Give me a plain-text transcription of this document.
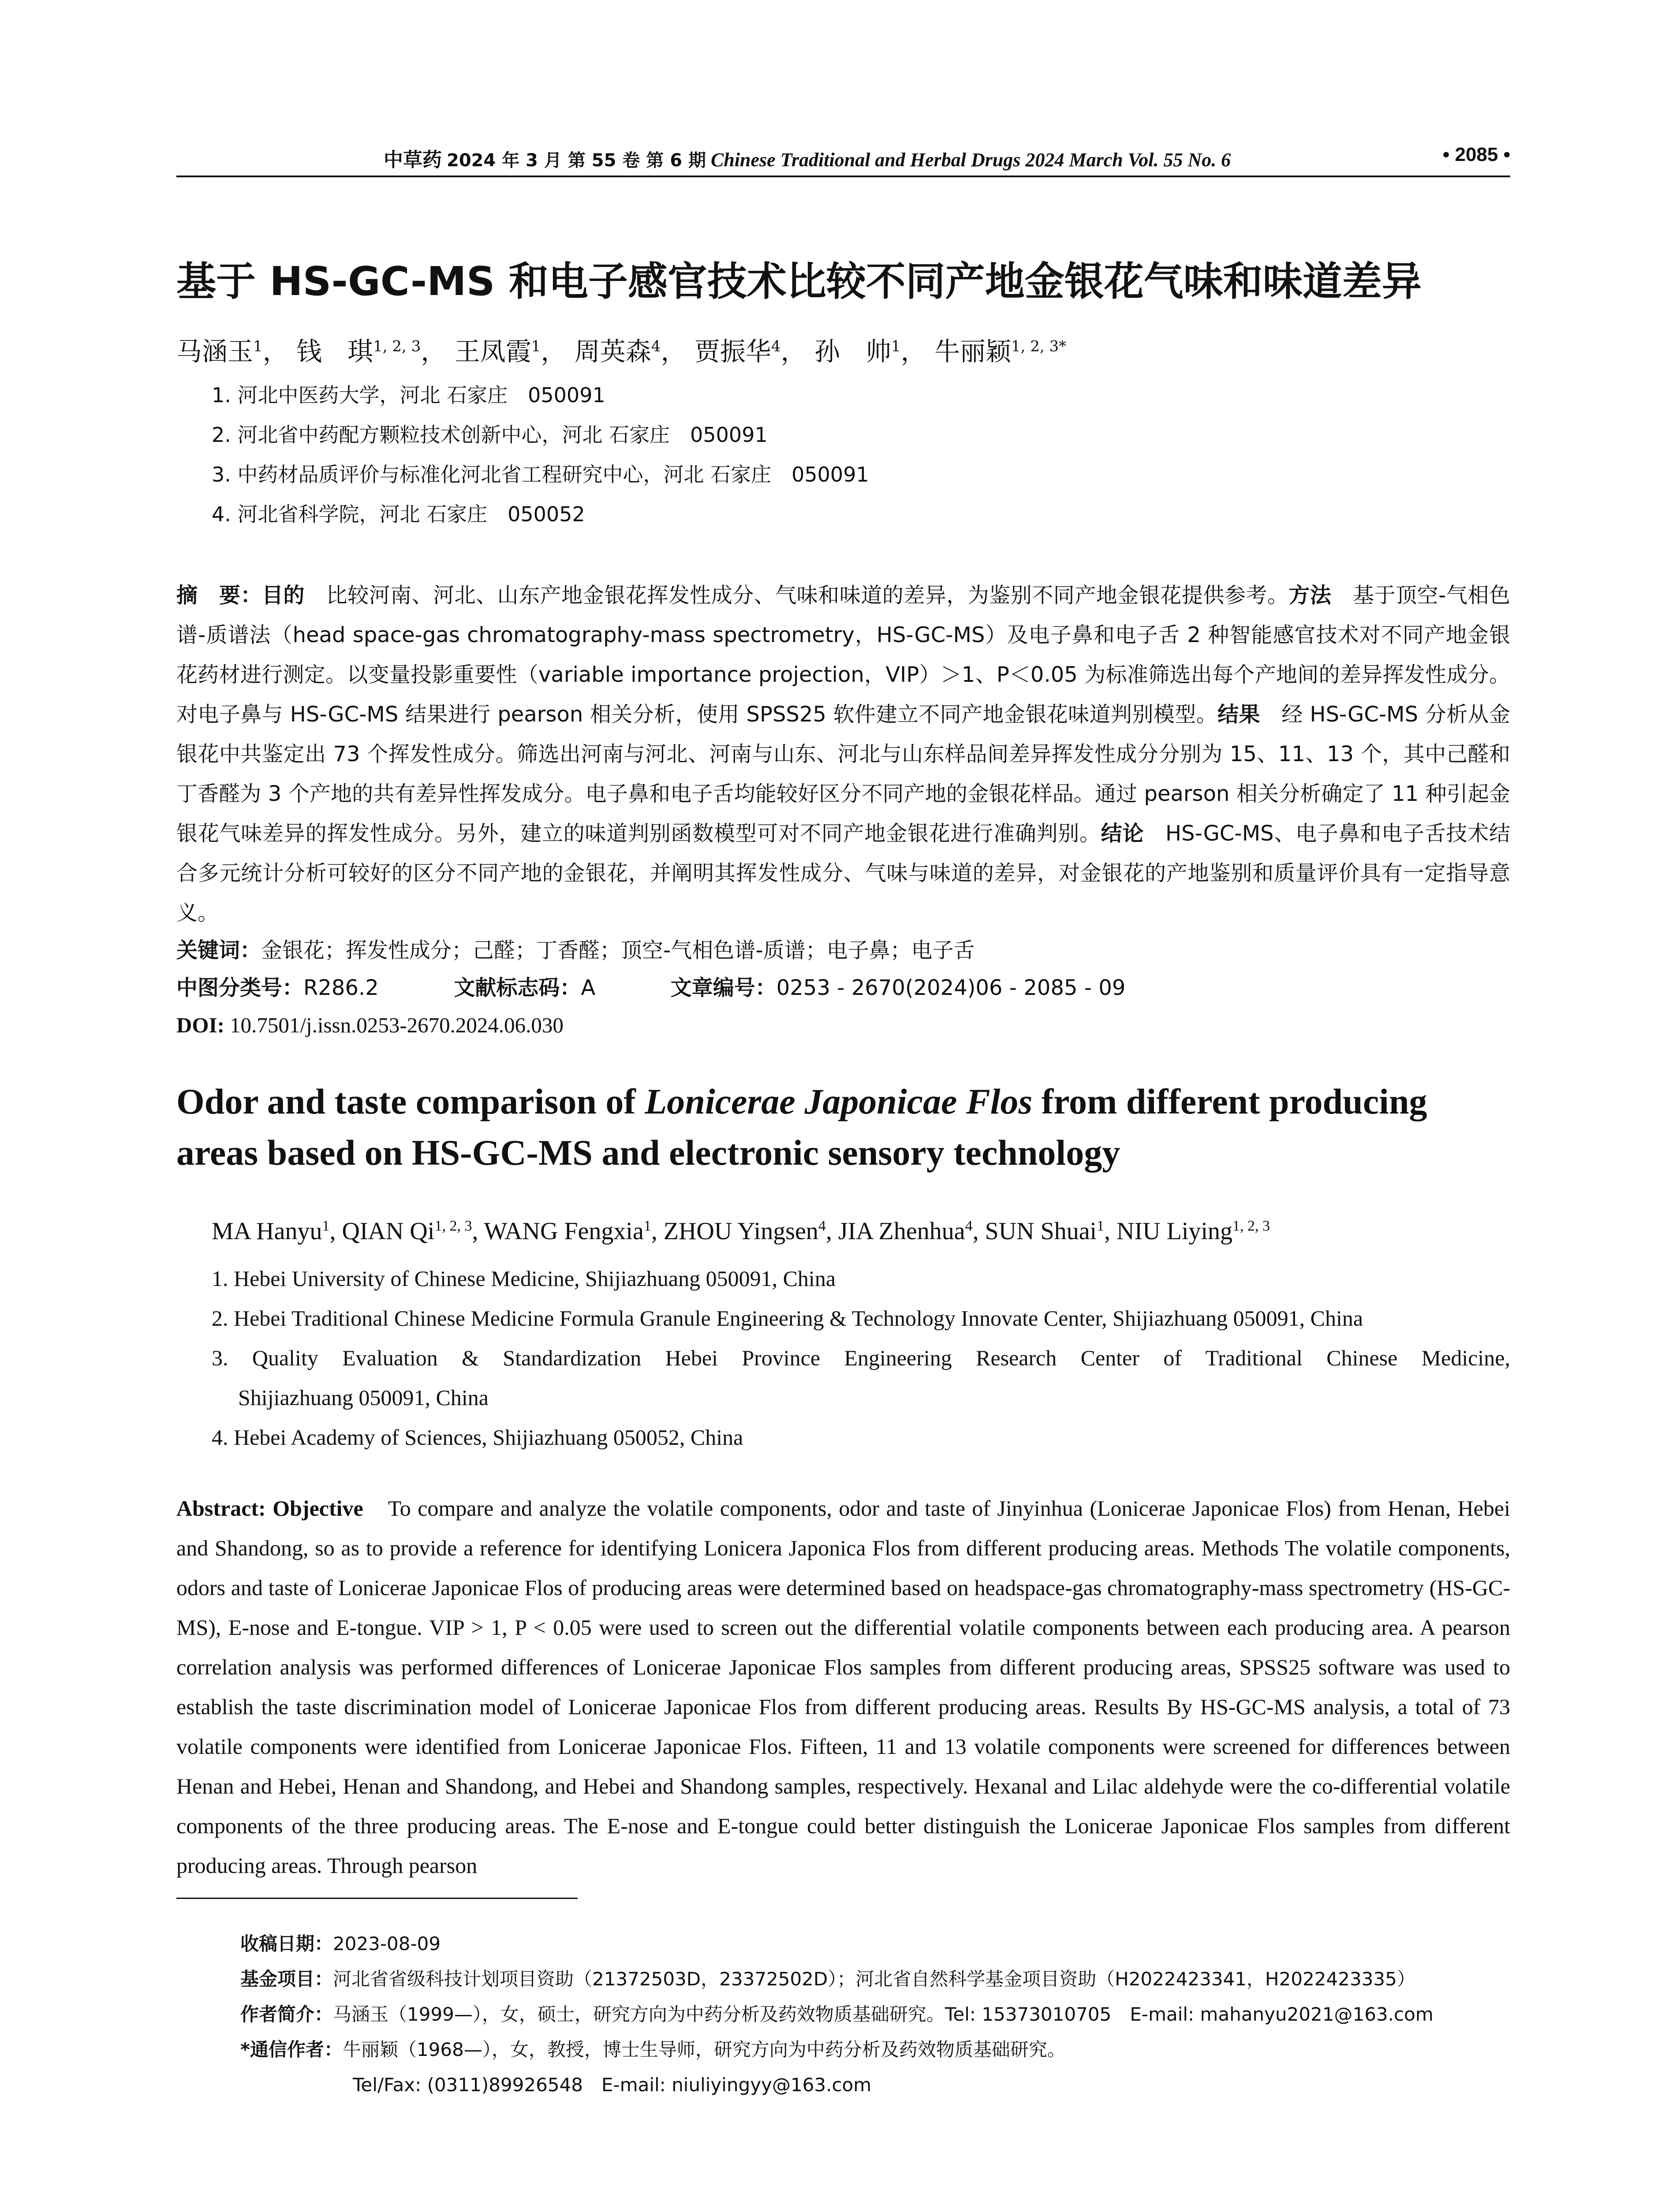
中草药 2024 年 3 月 第 55 卷 第 6 期 Chinese Traditional and Herbal Drugs 2024 March Vol. 55 No. 6	• 2085 •
基于 HS-GC-MS 和电子感官技术比较不同产地金银花气味和味道差异
马涵玉$^1$， 钱　琪$^{1, 2, 3}$， 王凤霞$^1$， 周英森$^4$， 贾振华$^4$， 孙　帅$^1$， 牛丽颖$^{1, 2, 3*}$
1. 河北中医药大学，河北 石家庄　050091
2. 河北省中药配方颗粒技术创新中心，河北 石家庄　050091
3. 中药材品质评价与标准化河北省工程研究中心，河北 石家庄　050091
4. 河北省科学院，河北 石家庄　050052
摘　要：目的　 比较河南、河北、山东产地金银花挥发性成分、气味和味道的差异，为鉴别不同产地金银花提供参考。方法　 基于顶空-气相色谱-质谱法（head space-gas chromatography-mass spectrometry，HS-GC-MS）及电子鼻和电子舌 2 种智能感官技术对不同产地金银花药材进行测定。以变量投影重要性（variable importance projection，VIP）＞1、P＜0.05 为标准筛选出每个产地间的差异挥发性成分。对电子鼻与 HS-GC-MS 结果进行 pearson 相关分析，使用 SPSS25 软件建立不同产地金银花味道判别模型。结果　 经 HS-GC-MS 分析从金银花中共鉴定出 73 个挥发性成分。筛选出河南与河北、河南与山东、河北与山东样品间差异挥发性成分分别为 15、11、13 个，其中己醛和丁香醛为 3 个产地的共有差异性挥发成分。电子鼻和电子舌均能较好区分不同产地的金银花样品。通过 pearson 相关分析确定了 11 种引起金银花气味差异的挥发性成分。另外，建立的味道判别函数模型可对不同产地金银花进行准确判别。结论　 HS-GC-MS、电子鼻和电子舌技术结合多元统计分析可较好的区分不同产地的金银花，并阐明其挥发性成分、气味与味道的差异，对金银花的产地鉴别和质量评价具有一定指导意义。
关键词：金银花；挥发性成分；己醛；丁香醛；顶空-气相色谱-质谱；电子鼻；电子舌
中图分类号：R286.2	文献标志码：A	文章编号：0253 - 2670(2024)06 - 2085 - 09
DOI: 10.7501/j.issn.0253-2670.2024.06.030
Odor and taste comparison of Lonicerae Japonicae Flos from different producing areas based on HS-GC-MS and electronic sensory technology
MA Hanyu$^1$, QIAN Qi$^{1, 2, 3}$, WANG Fengxia$^1$, ZHOU Yingsen$^4$, JIA Zhenhua$^4$, SUN Shuai$^1$, NIU Liying$^{1, 2, 3}$
1. Hebei University of Chinese Medicine, Shijiazhuang 050091, China
2. Hebei Traditional Chinese Medicine Formula Granule Engineering & Technology Innovate Center, Shijiazhuang 050091, China
3. Quality Evaluation & Standardization Hebei Province Engineering Research Center of Traditional Chinese Medicine,
Shijiazhuang 050091, China
4. Hebei Academy of Sciences, Shijiazhuang 050052, China
Abstract: Objective　 To compare and analyze the volatile components, odor and taste of Jinyinhua (Lonicerae Japonicae Flos) from Henan, Hebei and Shandong, so as to provide a reference for identifying Lonicera Japonica Flos from different producing areas. Methods The volatile components, odors and taste of Lonicerae Japonicae Flos of producing areas were determined based on headspace-gas chromatography-mass spectrometry (HS-GC-MS), E-nose and E-tongue. VIP > 1, P < 0.05 were used to screen out the differential volatile components between each producing area. A pearson correlation analysis was performed differences of Lonicerae Japonicae Flos samples from different producing areas, SPSS25 software was used to establish the taste discrimination model of Lonicerae Japonicae Flos from different producing areas. Results By HS-GC-MS analysis, a total of 73 volatile components were identified from Lonicerae Japonicae Flos. Fifteen, 11 and 13 volatile components were screened for differences between Henan and Hebei, Henan and Shandong, and Hebei and Shandong samples, respectively. Hexanal and Lilac aldehyde were the co-differential volatile components of the three producing areas. The E-nose and E-tongue could better distinguish the Lonicerae Japonicae Flos samples from different producing areas. Through pearson
收稿日期：2023-08-09
基金项目：河北省省级科技计划项目资助（21372503D，23372502D）；河北省自然科学基金项目资助（H2022423341，H2022423335）
作者简介：马涵玉（1999—），女，硕士，研究方向为中药分析及药效物质基础研究。Tel: 15373010705　E-mail: mahanyu2021@163.com
*通信作者：牛丽颖（1968—），女，教授，博士生导师，研究方向为中药分析及药效物质基础研究。
Tel/Fax: (0311)89926548　E-mail: niuliyingyy@163.com
